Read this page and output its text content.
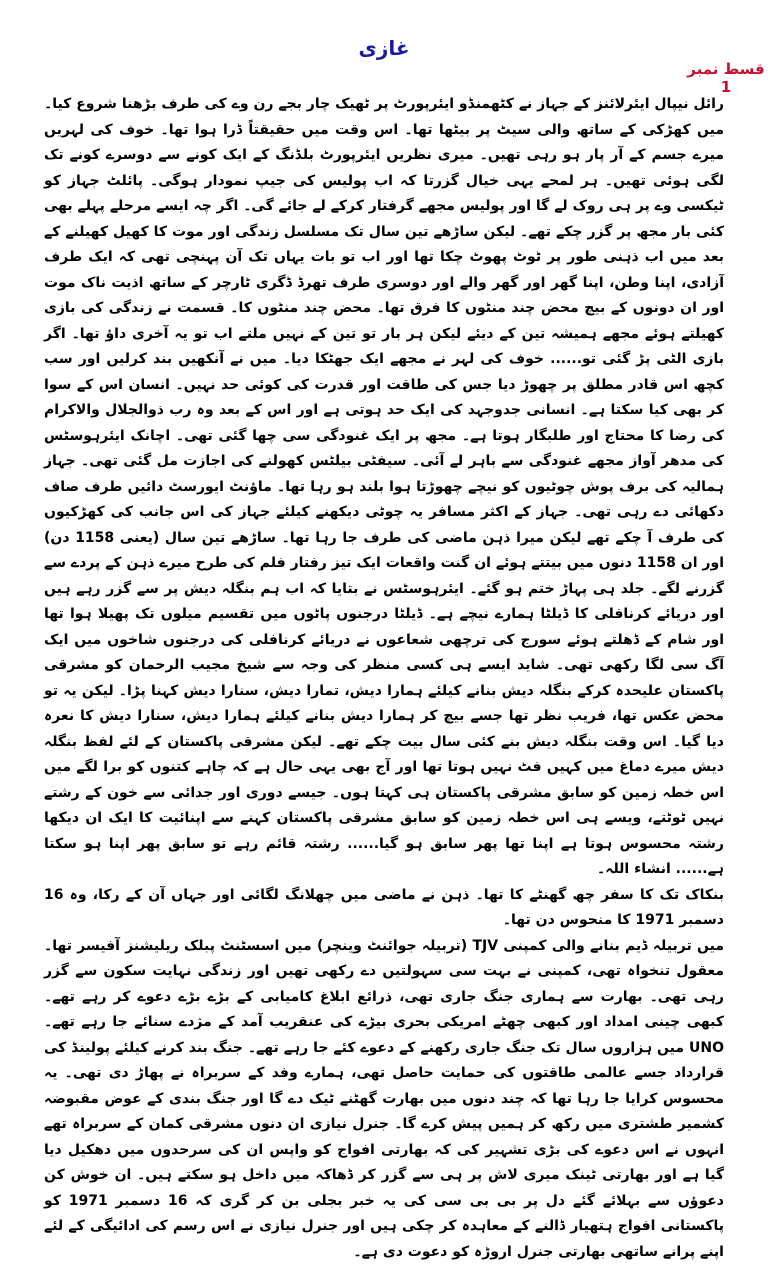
غازی
قسط نمبر 1

رائل نیپال ایئرلائنز کے جہاز نے کٹھمنڈو ایئرپورٹ پر ٹھیک چار بجے رن وے کی طرف بڑھنا شروع کیا۔ میں کھڑکی کے ساتھ والی سیٹ پر بیٹھا تھا۔ اس وقت میں حقیقتاً ڈرا ہوا تھا۔ خوف کی لہریں میرے جسم کے آر پار ہو رہی تھیں۔ میری نظریں ایئرپورٹ بلڈنگ کے ایک کونے سے دوسرے کونے تک لگی ہوئی تھیں۔ ہر لمحے یہی خیال گزرتا کہ اب پولیس کی جیپ نمودار ہوگی۔ پائلٹ جہاز کو ٹیکسی وے پر ہی روک لے گا اور پولیس مجھے گرفتار کرکے لے جائے گی۔ اگر چہ ایسے مرحلے پہلے بھی کئی بار مجھ پر گزر چکے تھے۔ لیکن ساڑھے تین سال تک مسلسل زندگی اور موت کا کھیل کھیلنے کے بعد میں اب ذہنی طور پر ٹوٹ پھوٹ چکا تھا اور اب تو بات یہاں تک آن پہنچی تھی کہ ایک طرف آزادی، اپنا وطن، اپنا گھر اور گھر والے اور دوسری طرف تھرڈ ڈگری ٹارچر کے ساتھ اذیت ناک موت اور ان دونوں کے بیچ محض چند منٹوں کا فرق تھا۔ محض چند منٹوں کا۔ قسمت نے زندگی کی بازی کھیلتے ہوئے مجھے ہمیشہ تین کے دیئے لیکن ہر بار تو تین کے نہیں ملتے اب تو یہ آخری داؤ تھا۔ اگر بازی الٹی پڑ گئی تو...... خوف کی لہر نے مجھے ایک جھٹکا دیا۔ میں نے آنکھیں بند کرلیں اور سب کچھ اس قادر مطلق پر چھوڑ دیا جس کی طاقت اور قدرت کی کوئی حد نہیں۔ انسان اس کے سوا کر بھی کیا سکتا ہے۔ انسانی جدوجہد کی ایک حد ہوتی ہے اور اس کے بعد وہ رب ذوالجلال والاکرام کی رضا کا محتاج اور طلبگار ہوتا ہے۔ مجھ پر ایک غنودگی سی چھا گئی تھی۔ اچانک ایئرہوسٹس کی مدھر آواز مجھے غنودگی سے باہر لے آئی۔ سیفٹی بیلٹس کھولنے کی اجازت مل گئی تھی۔ جہاز ہمالیہ کی برف پوش چوٹیوں کو نیچے چھوڑتا ہوا بلند ہو رہا تھا۔ ماؤنٹ ایورسٹ دائیں طرف صاف دکھائی دے رہی تھی۔ جہاز کے اکثر مسافر یہ چوٹی دیکھنے کیلئے جہاز کی اس جانب کی کھڑکیوں کی طرف آ چکے تھے لیکن میرا ذہن ماضی کی طرف جا رہا تھا۔ ساڑھے تین سال (یعنی 1158 دن) اور ان 1158 دنوں میں بیتتے ہوئے ان گنت واقعات ایک تیز رفتار فلم کی طرح میرے ذہن کے پردے سے گزرنے لگے۔ جلد ہی پہاڑ ختم ہو گئے۔ ایئرہوسٹس نے بتایا کہ اب ہم بنگلہ دیش پر سے گزر رہے ہیں اور دریائے کرنافلی کا ڈیلٹا ہمارے نیچے ہے۔ ڈیلٹا درجنوں پاٹوں میں تقسیم میلوں تک پھیلا ہوا تھا اور شام کے ڈھلتے ہوئے سورج کی ترچھی شعاعوں نے دریائے کرنافلی کی درجنوں شاخوں میں ایک آگ سی لگا رکھی تھی۔ شاید ایسے ہی کسی منظر کی وجہ سے شیخ مجیب الرحمان کو مشرقی پاکستان علیحدہ کرکے بنگلہ دیش بنانے کیلئے ہمارا دیش، تمارا دیش، سنارا دیش کہنا پڑا۔ لیکن یہ تو محض عکس تھا، فریب نظر تھا جسے بیچ کر ہمارا دیش بنانے کیلئے ہمارا دیش، سنارا دیش کا نعرہ دیا گیا۔ اس وقت بنگلہ دیش بنے کئی سال بیت چکے تھے۔ لیکن مشرقی پاکستان کے لئے لفظ بنگلہ دیش میرے دماغ میں کہیں فٹ نہیں ہوتا تھا اور آج بھی یہی حال ہے کہ چاہے کتنوں کو برا لگے میں اس خطہ زمین کو سابق مشرقی پاکستان ہی کہتا ہوں۔ جیسے دوری اور جدائی سے خون کے رشتے نہیں ٹوٹتے، ویسے ہی اس خطہ زمین کو سابق مشرقی پاکستان کہنے سے اپنائیت کا ایک ان دیکھا رشتہ محسوس ہوتا ہے اپنا تھا پھر سابق ہو گیا...... رشتہ قائم رہے تو سابق پھر اپنا ہو سکتا ہے...... انشاء اللہ۔

بنکاک تک کا سفر چھ گھنٹے کا تھا۔ ذہن نے ماضی میں چھلانگ لگائی اور جہاں آن کے رکا، وہ 16 دسمبر 1971 کا منحوس دن تھا۔

میں تربیلہ ڈیم بنانے والی کمپنی TJV (تربیلہ جوائنٹ وینچر) میں اسسٹنٹ پبلک ریلیشنز آفیسر تھا۔ معقول تنخواہ تھی، کمپنی نے بہت سی سہولتیں دے رکھی تھیں اور زندگی نہایت سکون سے گزر رہی تھی۔ بھارت سے ہماری جنگ جاری تھی، ذرائع ابلاغ کامیابی کے بڑے بڑے دعوے کر رہے تھے۔ کبھی چینی امداد اور کبھی چھٹے امریکی بحری بیڑے کی عنقریب آمد کے مژدے سنائے جا رہے تھے۔ UNO میں ہزاروں سال تک جنگ جاری رکھنے کے دعوے کئے جا رہے تھے۔ جنگ بند کرنے کیلئے پولینڈ کی قرارداد جسے عالمی طاقتوں کی حمایت حاصل تھی، ہمارے وفد کے سربراہ نے پھاڑ دی تھی۔ یہ محسوس کرایا جا رہا تھا کہ چند دنوں میں بھارت گھٹنے ٹیک دے گا اور جنگ بندی کے عوض مقبوضہ کشمیر طشتری میں رکھ کر ہمیں پیش کرے گا۔ جنرل نیازی ان دنوں مشرقی کمان کے سربراہ تھے انہوں نے اس دعوے کی بڑی تشہیر کی کہ بھارتی افواج کو واپس ان کی سرحدوں میں دھکیل دیا گیا ہے اور بھارتی ٹینک میری لاش پر ہی سے گزر کر ڈھاکہ میں داخل ہو سکتے ہیں۔ ان خوش کن دعوؤں سے بہلائے گئے دل پر بی بی سی کی یہ خبر بجلی بن کر گری کہ 16 دسمبر 1971 کو پاکستانی افواج ہتھیار ڈالنے کے معاہدہ کر چکی ہیں اور جنرل نیازی نے اس رسم کی ادائیگی کے لئے اپنے پرانے ساتھی بھارتی جنرل اروڑہ کو دعوت دی ہے۔
